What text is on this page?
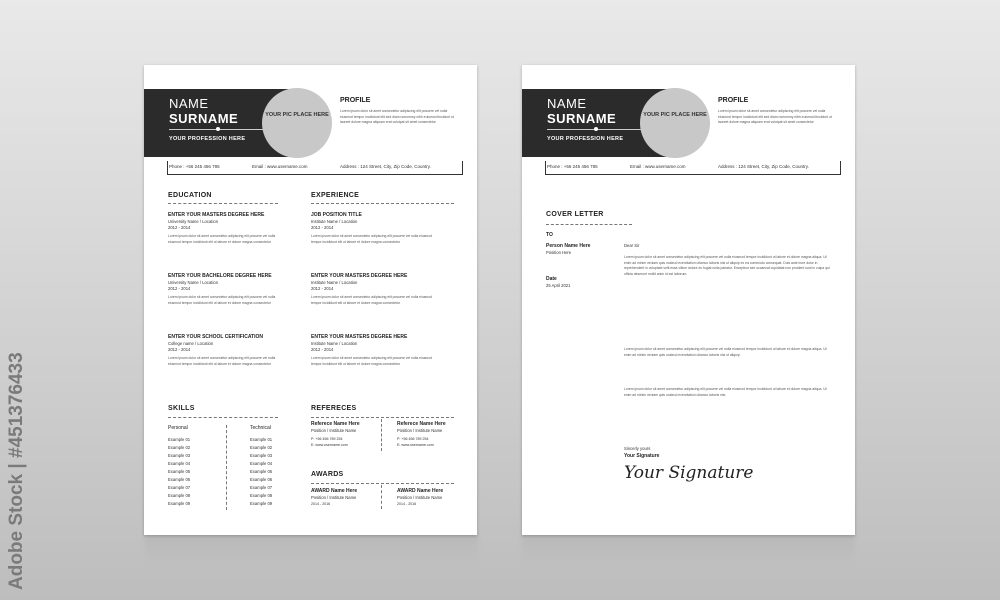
Adobe Stock | #451376433
NAME
SURNAME
YOUR PROFESSION HERE
YOUR PIC PLACE HERE
PROFILE
Lorem ipsum dolor sit amet consectetur adipiscing elit posuere vel nulla eiusmod tempor incididunt elit sed diam nonummy nibh euismod tincidunt ut laoreet dolore magna aliquam erat volutpat sit amet consectetur
Phone : +56 245 456 785	Email : www.username.com	Address : 124 Street, City, Zip Code, Country.
EDUCATION	EXPERIENCE
ENTER YOUR MASTERS DEGREE HERE
University Name / Location
2012 - 2014
Lorem ipsum dolor sit amet consectetur adipiscing elit posuere vel nulla eiusmod tempor incididunt elit ut labore et dolore magna consectetur
ENTER YOUR BACHELORE DEGREE HERE
University Name / Location
2012 - 2014
Lorem ipsum dolor sit amet consectetur adipiscing elit posuere vel nulla eiusmod tempor incididunt elit ut labore et dolore magna consectetur
ENTER YOUR SCHOOL CERTIFICATION
College name / Location
2012 - 2014
Lorem ipsum dolor sit amet consectetur adipiscing elit posuere vel nulla eiusmod tempor incididunt elit ut labore et dolore magna consectetur
JOB POSITION TITLE
Institute Name / Location
2012 - 2014
Lorem ipsum dolor sit amet consectetur adipiscing elit posuere vel nulla eiusmod tempor incididunt elit ut labore et dolore magna consectetur
ENTER YOUR MASTERS DEGREE HERE
Institute Name / Location
2012 - 2014
Lorem ipsum dolor sit amet consectetur adipiscing elit posuere vel nulla eiusmod tempor incididunt elit ut labore et dolore magna consectetur
ENTER YOUR MASTERS DEGREE HERE
Institute Name / Location
2012 - 2014
Lorem ipsum dolor sit amet consectetur adipiscing elit posuere vel nulla eiusmod tempor incididunt elit ut labore et dolore magna consectetur
SKILLS
Personal	Technical
Example 01
Example 02
Example 03
Example 04
Example 05
Example 06
Example 07
Example 08
Example 09
Example 01
Example 02
Example 03
Example 04
Example 05
Example 06
Example 07
Example 08
Example 09
REFERECES
Referece Name Here
Position / Institute Name
P: +56 456 789 254
E: www.username.com
Referece Name Here
Position / Institute Name
P: +56 456 789 254
E: www.username.com
AWARDS
AWARD Name Here
Position / Institute Name
2014 - 2016
AWARD Name Here
Position / Institute Name
2014 - 2016
NAME
SURNAME
YOUR PROFESSION HERE
YOUR PIC PLACE HERE
PROFILE
Lorem ipsum dolor sit amet consectetur adipiscing elit posuere vel nulla eiusmod tempor incididunt elit sed diam nonummy nibh euismod tincidunt ut laoreet dolore magna aliquam erat volutpat sit amet consectetur
Phone : +56 245 456 785	Email : www.username.com	Address : 124 Street, City, Zip Code, Country.
COVER LETTER
TO
Person Name Here
Position Here
Date
25 April 2021
Dear Sir
Lorem ipsum dolor sit amet consectetur adipiscing elit posuere vel nulla eiusmod tempor incididunt ut labore et dolore magna aliqua. Ut enim ad minim veniam quis nostrud exercitation ullamco laboris nisi ut aliquip ex ea commodo consequat. Duis aute irure dolor in reprehenderit in voluptate velit esse cillum dolore eu fugiat nulla pariatur. Excepteur sint occaecat cupidatat non proident sunt in culpa qui officia deserunt mollit anim id est laborum.
Lorem ipsum dolor sit amet consectetur adipiscing elit posuere vel nulla eiusmod tempor incididunt ut labore et dolore magna aliqua. Ut enim ad minim veniam quis nostrud exercitation ullamco laboris nisi ut aliquip.
Lorem ipsum dolor sit amet consectetur adipiscing elit posuere vel nulla eiusmod tempor incididunt ut labore et dolore magna aliqua. Ut enim ad minim veniam quis nostrud exercitation ullamco laboris nisi.
Sincerly yours
Your Signature
Your Signature
